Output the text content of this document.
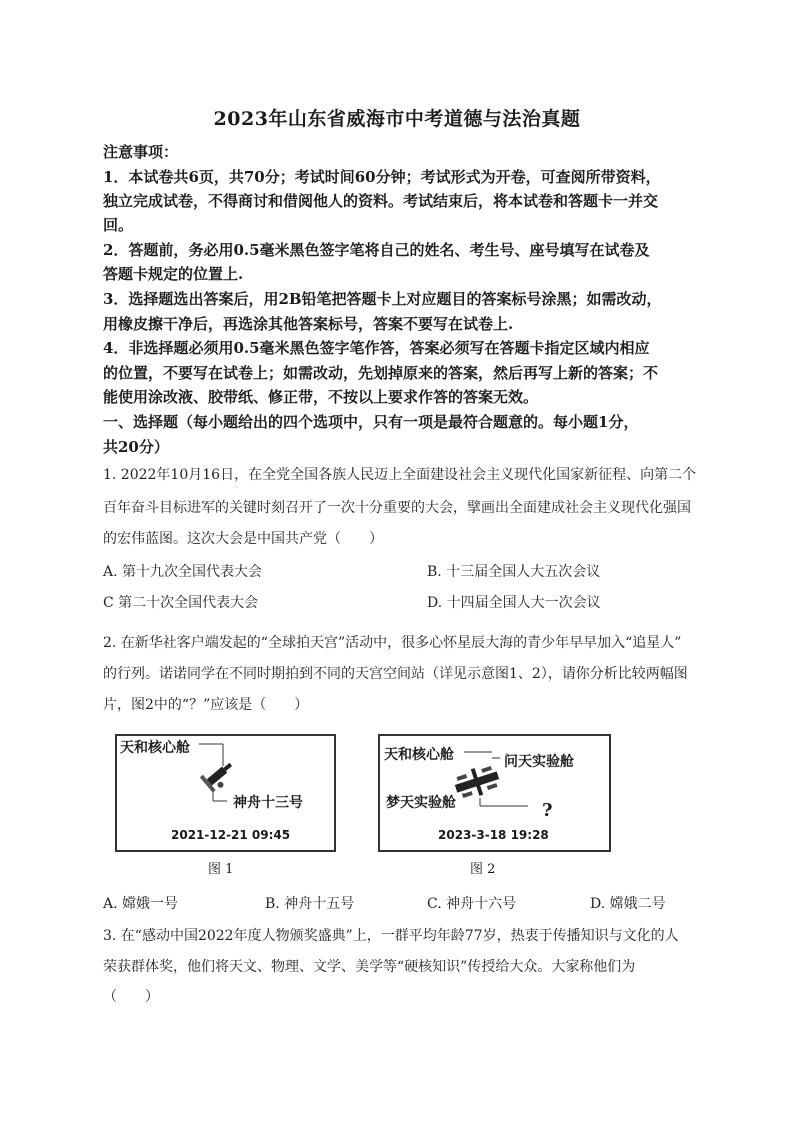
2023年山东省威海市中考道德与法治真题
注意事项：
1．本试卷共6页，共70分；考试时间60分钟；考试形式为开卷，可查阅所带资料，
独立完成试卷，不得商讨和借阅他人的资料。考试结束后，将本试卷和答题卡一并交
回。
2．答题前，务必用0.5毫米黑色签字笔将自己的姓名、考生号、座号填写在试卷及
答题卡规定的位置上.
3．选择题选出答案后，用2B铅笔把答题卡上对应题目的答案标号涂黑；如需改动，
用橡皮擦干净后，再选涂其他答案标号，答案不要写在试卷上.
4．非选择题必须用0.5毫米黑色签字笔作答，答案必须写在答题卡指定区域内相应
的位置，不要写在试卷上；如需改动，先划掉原来的答案，然后再写上新的答案；不
能使用涂改液、胶带纸、修正带，不按以上要求作答的答案无效。
一、选择题（每小题给出的四个选项中，只有一项是最符合题意的。每小题1分，
共20分）
1. 2022年10月16日，在全党全国各族人民迈上全面建设社会主义现代化国家新征程、向第二个
百年奋斗目标进军的关键时刻召开了一次十分重要的大会，擘画出全面建成社会主义现代化强国
的宏伟蓝图。这次大会是中国共产党（　　）
A. 第十九次全国代表大会	B. 十三届全国人大五次会议
C 第二十次全国代表大会	D. 十四届全国人大一次会议
2. 在新华社客户端发起的“全球拍天宫”活动中，很多心怀星辰大海的青少年早早加入“追星人”
的行列。诺诺同学在不同时期拍到不同的天宫空间站（详见示意图1、2），请你分析比较两幅图
片，图2中的“？”应该是（　　）
天和核心舱
神舟十三号
2021-12-21 09:45
图 1
天和核心舱	问天实验舱
梦天实验舱	?
2023-3-18 19:28
图 2
A. 嫦娥一号	B. 神舟十五号	C. 神舟十六号	D. 嫦娥二号
3. 在“感动中国2022年度人物颁奖盛典”上，一群平均年龄77岁，热衷于传播知识与文化的人
荣获群体奖，他们将天文、物理、文学、美学等“硬核知识”传授给大众。大家称他们为
（　　）
